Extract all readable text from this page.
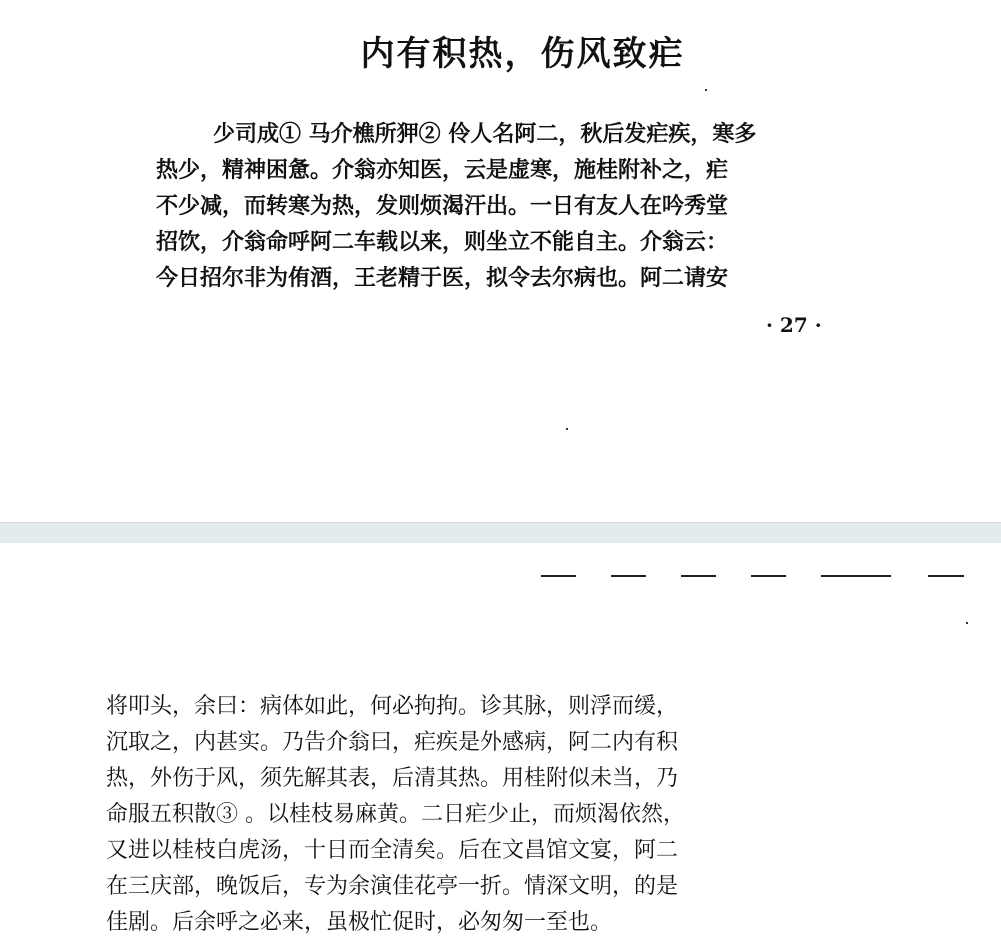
内有积热，伤风致疟
少司成① 马介樵所狎② 伶人名阿二，秋后发疟疾，寒多
热少，精神困惫。介翁亦知医，云是虚寒，施桂附补之，疟
不少减，而转寒为热，发则烦渴汗出。一日有友人在吟秀堂
招饮，介翁命呼阿二车载以来，则坐立不能自主。介翁云：
今日招尔非为侑酒，王老精于医，拟令去尔病也。阿二请安
· 27 ·
将叩头，余曰：病体如此，何必拘拘。诊其脉，则浮而缓，
沉取之，内甚实。乃告介翁曰，疟疾是外感病，阿二内有积
热，外伤于风，须先解其表，后清其热。用桂附似未当，乃
命服五积散③ 。以桂枝易麻黄。二日疟少止，而烦渴依然，
又进以桂枝白虎汤，十日而全清矣。后在文昌馆文宴，阿二
在三庆部，晚饭后，专为余演佳花亭一折。情深文明，的是
佳剧。后余呼之必来，虽极忙促时，必匆匆一至也。
